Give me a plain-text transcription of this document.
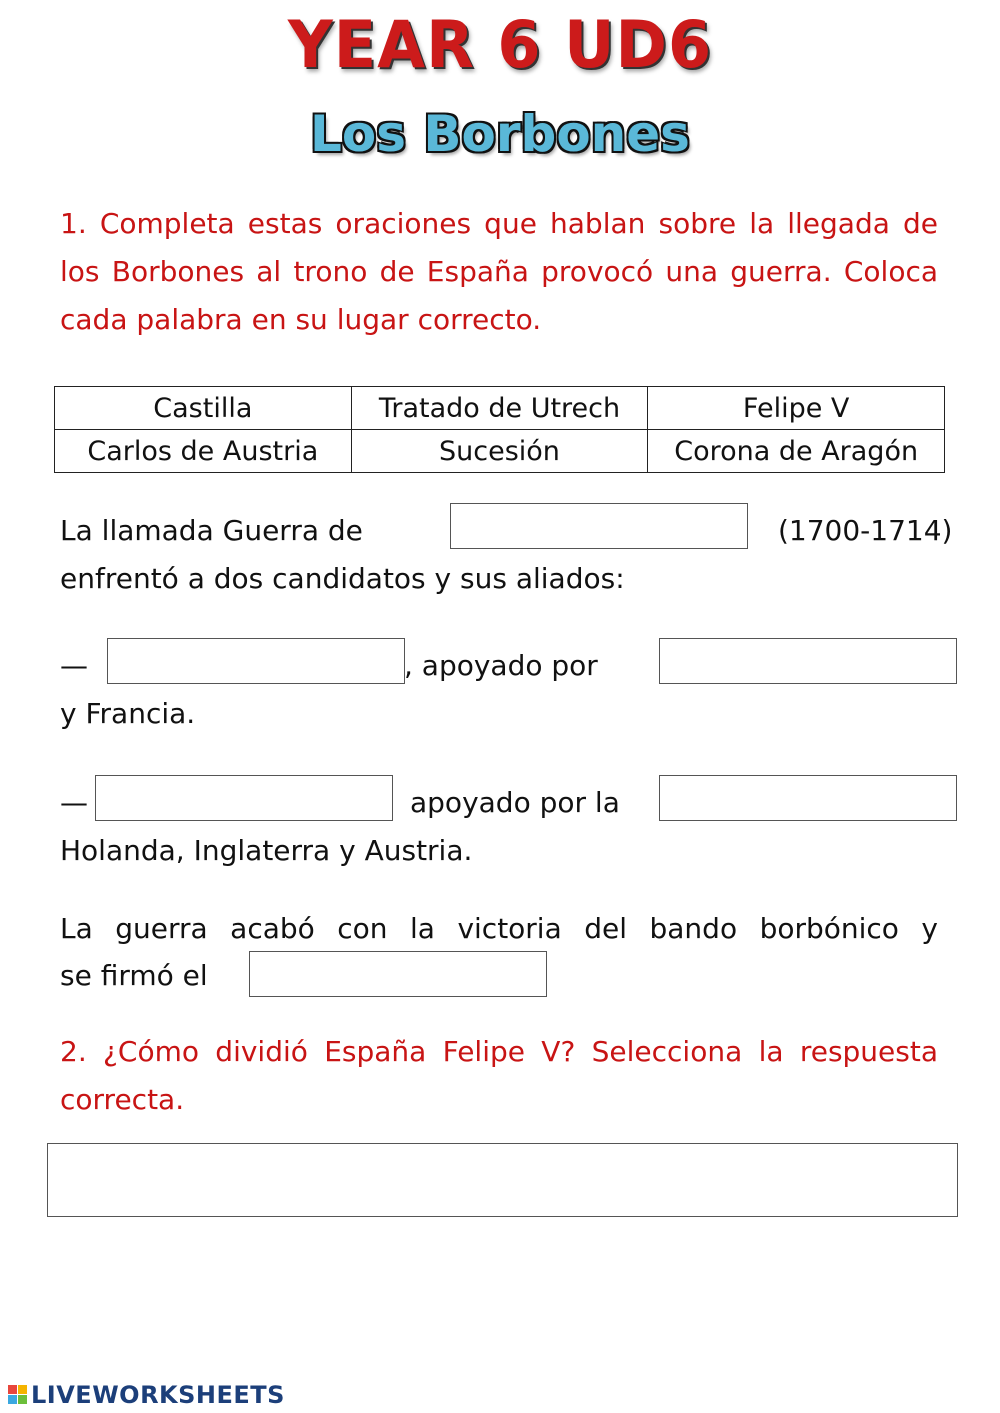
YEAR 6 UD6
Los Borbones
1. Completa estas oraciones que hablan sobre la llegada de los Borbones al trono de España provocó una guerra. Coloca cada palabra en su lugar correcto.
Castilla	Tratado de Utrech	Felipe V
Carlos de Austria	Sucesión	Corona de Aragón
La llamada Guerra de	(1700-1714)
enfrentó a dos candidatos y sus aliados:
—	, apoyado por
y Francia.
—	apoyado por la
Holanda, Inglaterra y Austria.
La guerra acabó con la victoria del bando borbónico y
se firmó el
2. ¿Cómo dividió España Felipe V? Selecciona la respuesta correcta.
LIVEWORKSHEETS
